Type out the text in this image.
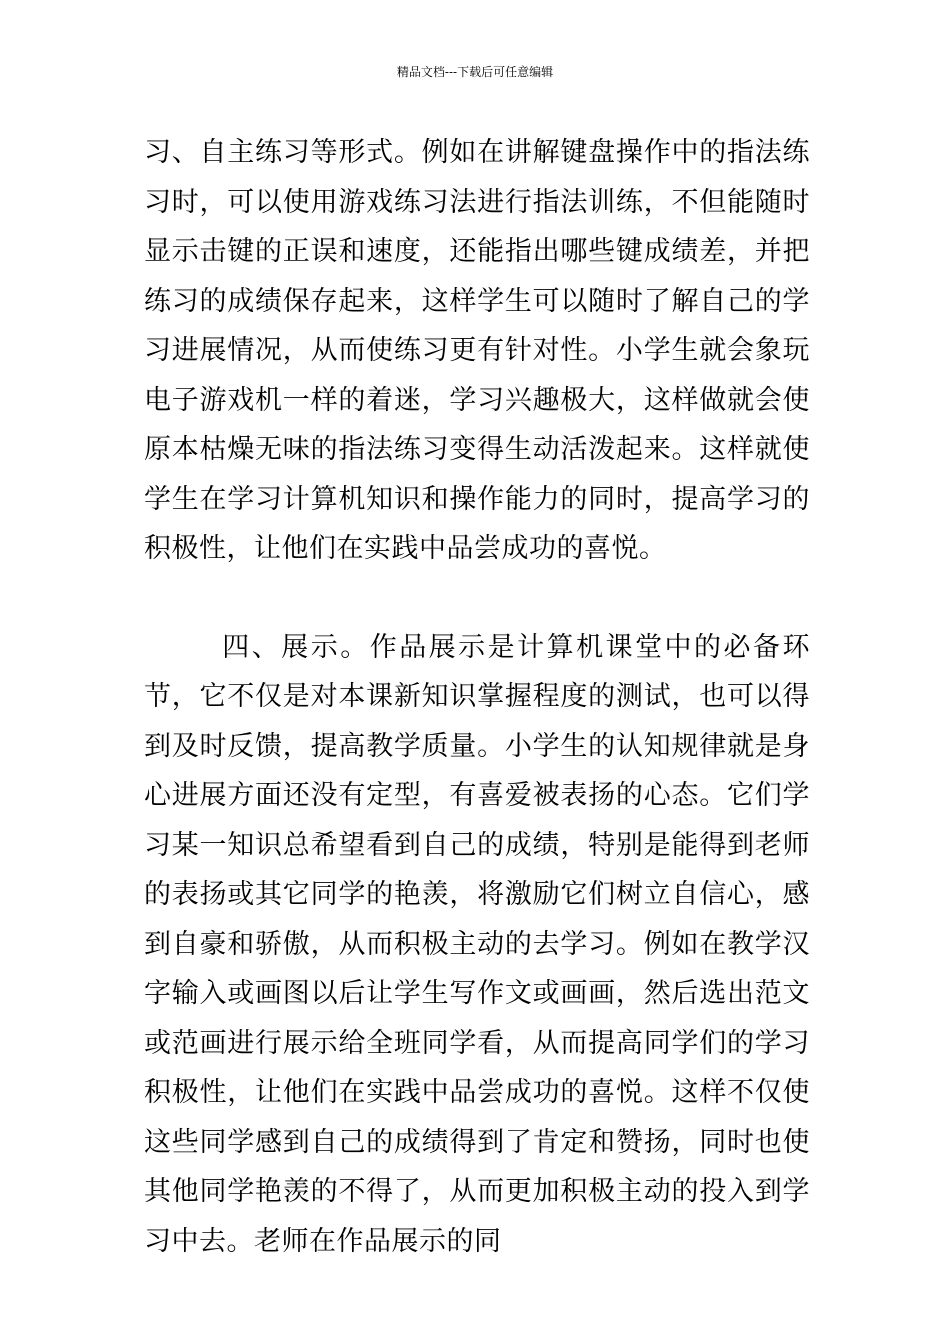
精品文档---下载后可任意编辑

习、自主练习等形式。例如在讲解键盘操作中的指法练习时，可以使用游戏练习法进行指法训练，不但能随时显示击键的正误和速度，还能指出哪些键成绩差，并把练习的成绩保存起来，这样学生可以随时了解自己的学习进展情况，从而使练习更有针对性。小学生就会象玩电子游戏机一样的着迷，学习兴趣极大，这样做就会使原本枯燥无味的指法练习变得生动活泼起来。这样就使学生在学习计算机知识和操作能力的同时，提高学习的积极性，让他们在实践中品尝成功的喜悦。

四、展示。作品展示是计算机课堂中的必备环节，它不仅是对本课新知识掌握程度的测试，也可以得到及时反馈，提高教学质量。小学生的认知规律就是身心进展方面还没有定型，有喜爱被表扬的心态。它们学习某一知识总希望看到自己的成绩，特别是能得到老师的表扬或其它同学的艳羡，将激励它们树立自信心，感到自豪和骄傲，从而积极主动的去学习。例如在教学汉字输入或画图以后让学生写作文或画画，然后选出范文或范画进行展示给全班同学看，从而提高同学们的学习积极性，让他们在实践中品尝成功的喜悦。这样不仅使这些同学感到自己的成绩得到了肯定和赞扬，同时也使其他同学艳羡的不得了，从而更加积极主动的投入到学习中去。老师在作品展示的同
